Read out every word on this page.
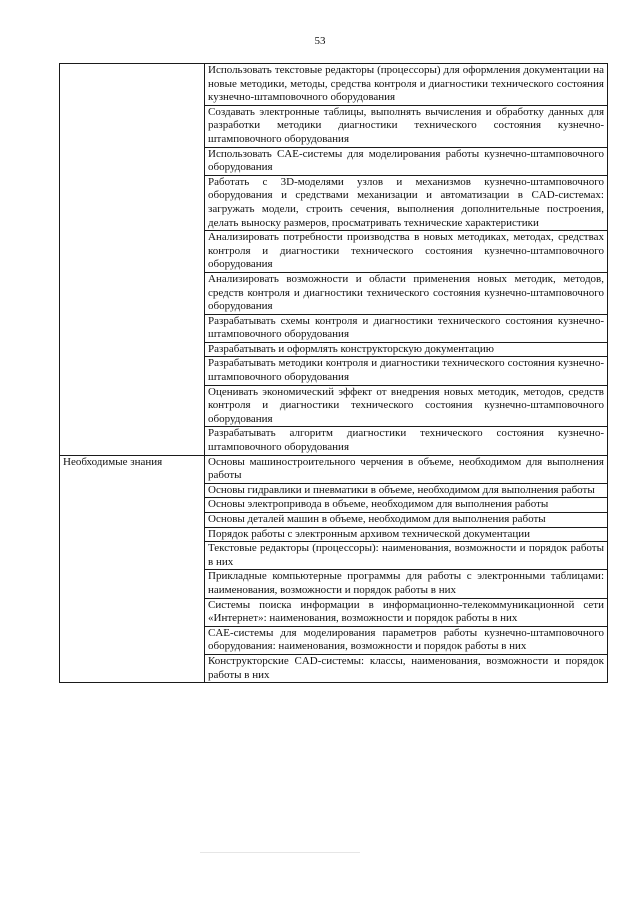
53
	Использовать текстовые редакторы (процессоры) для оформления документации на новые методики, методы, средства контроля и диагностики технического состояния кузнечно-штамповочного оборудования
	Создавать электронные таблицы, выполнять вычисления и обработку данных для разработки методики диагностики технического состояния кузнечно-штамповочного оборудования
	Использовать CAE-системы для моделирования работы кузнечно-штамповочного оборудования
	Работать с 3D-моделями узлов и механизмов кузнечно-штамповочного оборудования и средствами механизации и автоматизации в CAD-системах: загружать модели, строить сечения, выполнения дополнительные построения, делать выноску размеров, просматривать технические характеристики
	Анализировать потребности производства в новых методиках, методах, средствах контроля и диагностики технического состояния кузнечно-штамповочного оборудования
	Анализировать возможности и области применения новых методик, методов, средств контроля и диагностики технического состояния кузнечно-штамповочного оборудования
	Разрабатывать схемы контроля и диагностики технического состояния кузнечно-штамповочного оборудования
	Разрабатывать и оформлять конструкторскую документацию
	Разрабатывать методики контроля и диагностики технического состояния кузнечно-штамповочного оборудования
	Оценивать экономический эффект от внедрения новых методик, методов, средств контроля и диагностики технического состояния кузнечно-штамповочного оборудования
	Разрабатывать алгоритм диагностики технического состояния кузнечно-штамповочного оборудования
Необходимые знания	Основы машиностроительного черчения в объеме, необходимом для выполнения работы
	Основы гидравлики и пневматики в объеме, необходимом для выполнения работы
	Основы электропривода в объеме, необходимом для выполнения работы
	Основы деталей машин в объеме, необходимом для выполнения работы
	Порядок работы с электронным архивом технической документации
	Текстовые редакторы (процессоры): наименования, возможности и порядок работы в них
	Прикладные компьютерные программы для работы с электронными таблицами: наименования, возможности и порядок работы в них
	Системы поиска информации в информационно-телекоммуникационной сети «Интернет»: наименования, возможности и порядок работы в них
	CAE-системы для моделирования параметров работы кузнечно-штамповочного оборудования: наименования, возможности и порядок работы в них
	Конструкторские CAD-системы: классы, наименования, возможности и порядок работы в них
